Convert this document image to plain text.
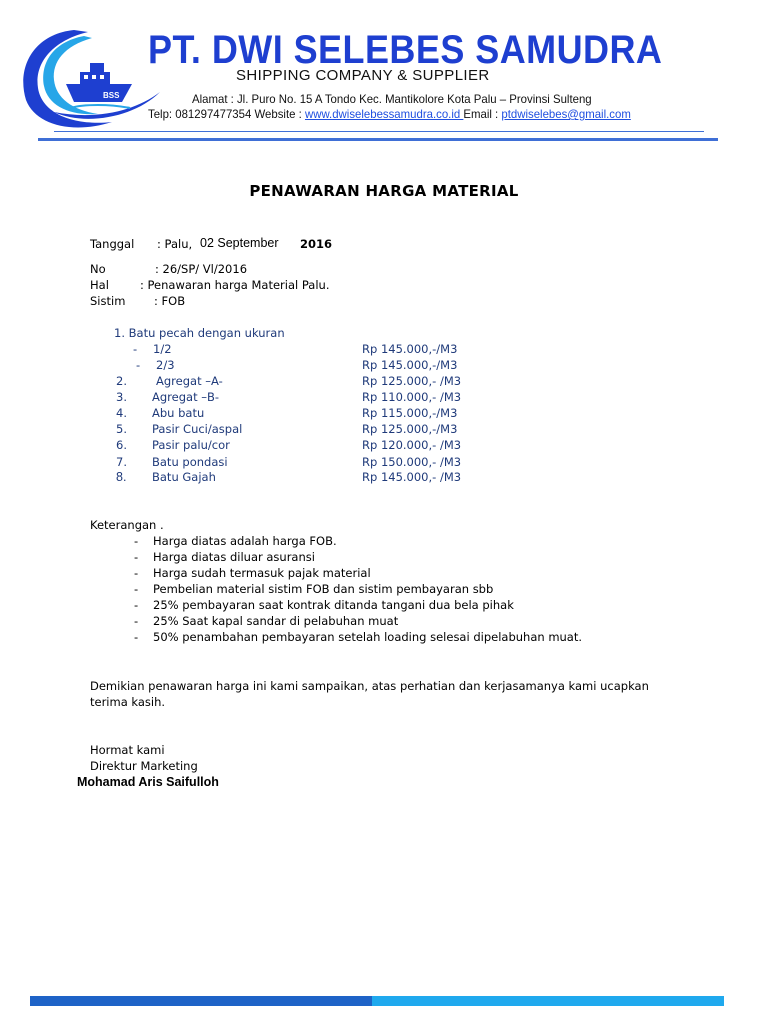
BSS
PT. DWI SELEBES SAMUDRA
SHIPPING COMPANY & SUPPLIER
Alamat : Jl. Puro No. 15 A Tondo Kec. Mantikolore Kota Palu – Provinsi Sulteng
Telp: 081297477354 Website : www.dwiselebessamudra.co.id Email : ptdwiselebes@gmail.com
PENAWARAN HARGA MATERIAL
Tanggal : Palu, 02 September 2016
No	: 26/SP/ Vl/2016
Hal	: Penawaran harga Material Palu.
Sistim : FOB
1. Batu pecah dengan ukuran
- 1/2	Rp 145.000,-/M3
- 2/3	Rp 145.000,-/M3
2.	Agregat –A-	Rp 125.000,- /M3
3. Agregat –B-	Rp 110.000,- /M3
4. Abu batu	Rp 115.000,-/M3
5. Pasir Cuci/aspal	Rp 125.000,-/M3
6. Pasir palu/cor	Rp 120.000,- /M3
7. Batu pondasi	Rp 150.000,- /M3
8. Batu Gajah	Rp 145.000,- /M3
Keterangan .
- Harga diatas adalah harga FOB.
- Harga diatas diluar asuransi
- Harga sudah termasuk pajak material
- Pembelian material sistim FOB dan sistim pembayaran sbb
- 25% pembayaran saat kontrak ditanda tangani dua bela pihak
- 25% Saat kapal sandar di pelabuhan muat
- 50% penambahan pembayaran setelah loading selesai dipelabuhan muat.
Demikian penawaran harga ini kami sampaikan, atas perhatian dan kerjasamanya kami ucapkan
terima kasih.
Hormat kami
Direktur Marketing
Mohamad Aris Saifulloh
